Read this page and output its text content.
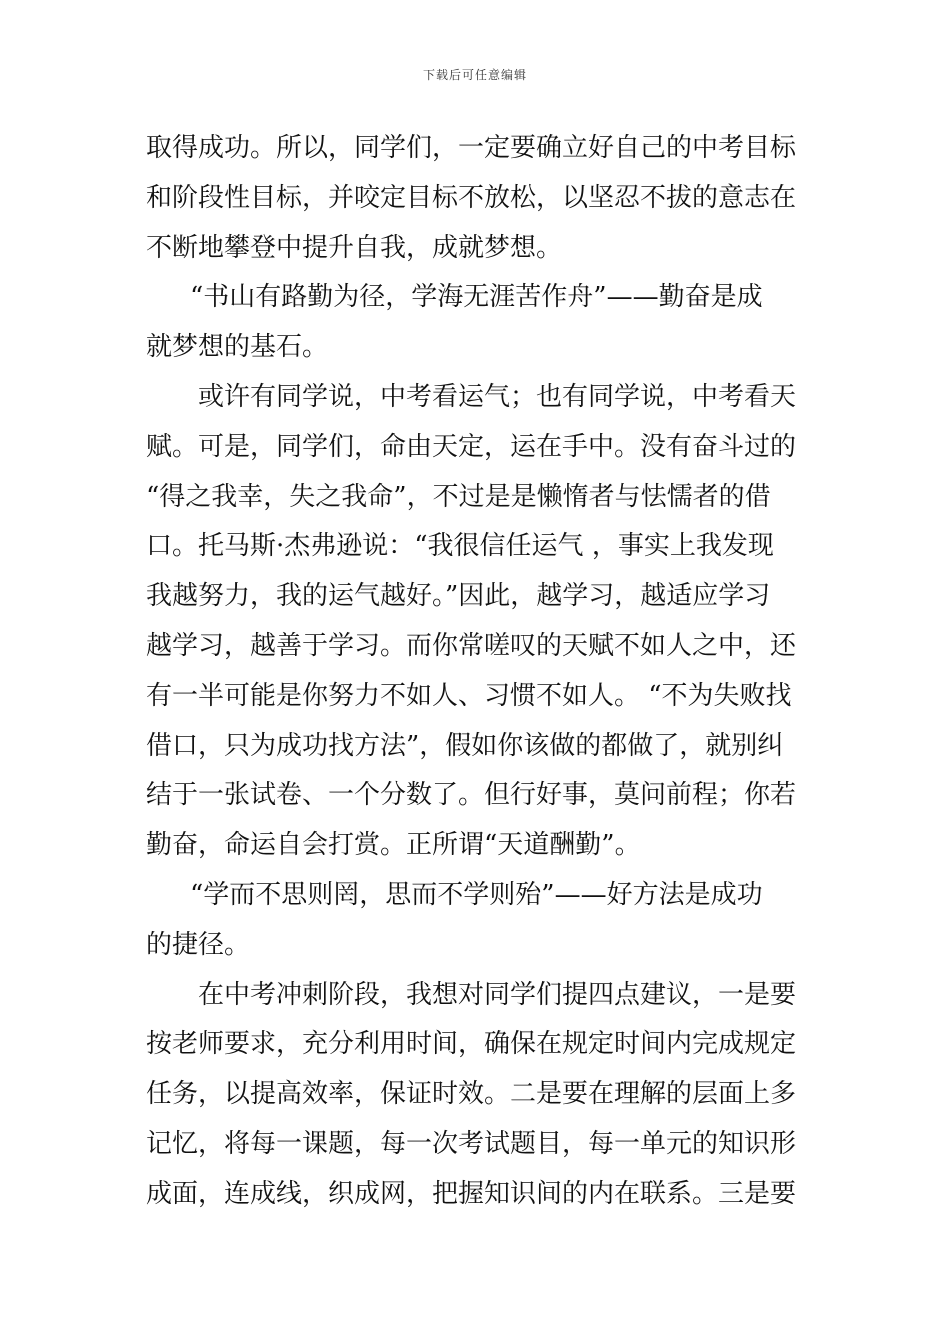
下载后可任意编辑
取得成功。所以，同学们，一定要确立好自己的中考目标
和阶段性目标，并咬定目标不放松，以坚忍不拔的意志在
不断地攀登中提升自我，成就梦想。
“书山有路勤为径，学海无涯苦作舟”——勤奋是成
就梦想的基石。
或许有同学说，中考看运气；也有同学说，中考看天
赋。可是，同学们，命由天定，运在手中。没有奋斗过的
“得之我幸，失之我命”，不过是是懒惰者与怯懦者的借
口。托马斯·杰弗逊说：“我很信任运气 ，事实上我发现
我越努力，我的运气越好。”因此，越学习，越适应学习
越学习，越善于学习。而你常嗟叹的天赋不如人之中，还
有一半可能是你努力不如人、习惯不如人。 “不为失败找
借口，只为成功找方法”，假如你该做的都做了，就别纠
结于一张试卷、一个分数了。但行好事，莫问前程；你若
勤奋，命运自会打赏。正所谓“天道酬勤”。
“学而不思则罔，思而不学则殆”——好方法是成功
的捷径。
在中考冲刺阶段，我想对同学们提四点建议，一是要
按老师要求，充分利用时间，确保在规定时间内完成规定
任务，以提高效率，保证时效。二是要在理解的层面上多
记忆，将每一课题，每一次考试题目，每一单元的知识形
成面，连成线，织成网，把握知识间的内在联系。三是要
